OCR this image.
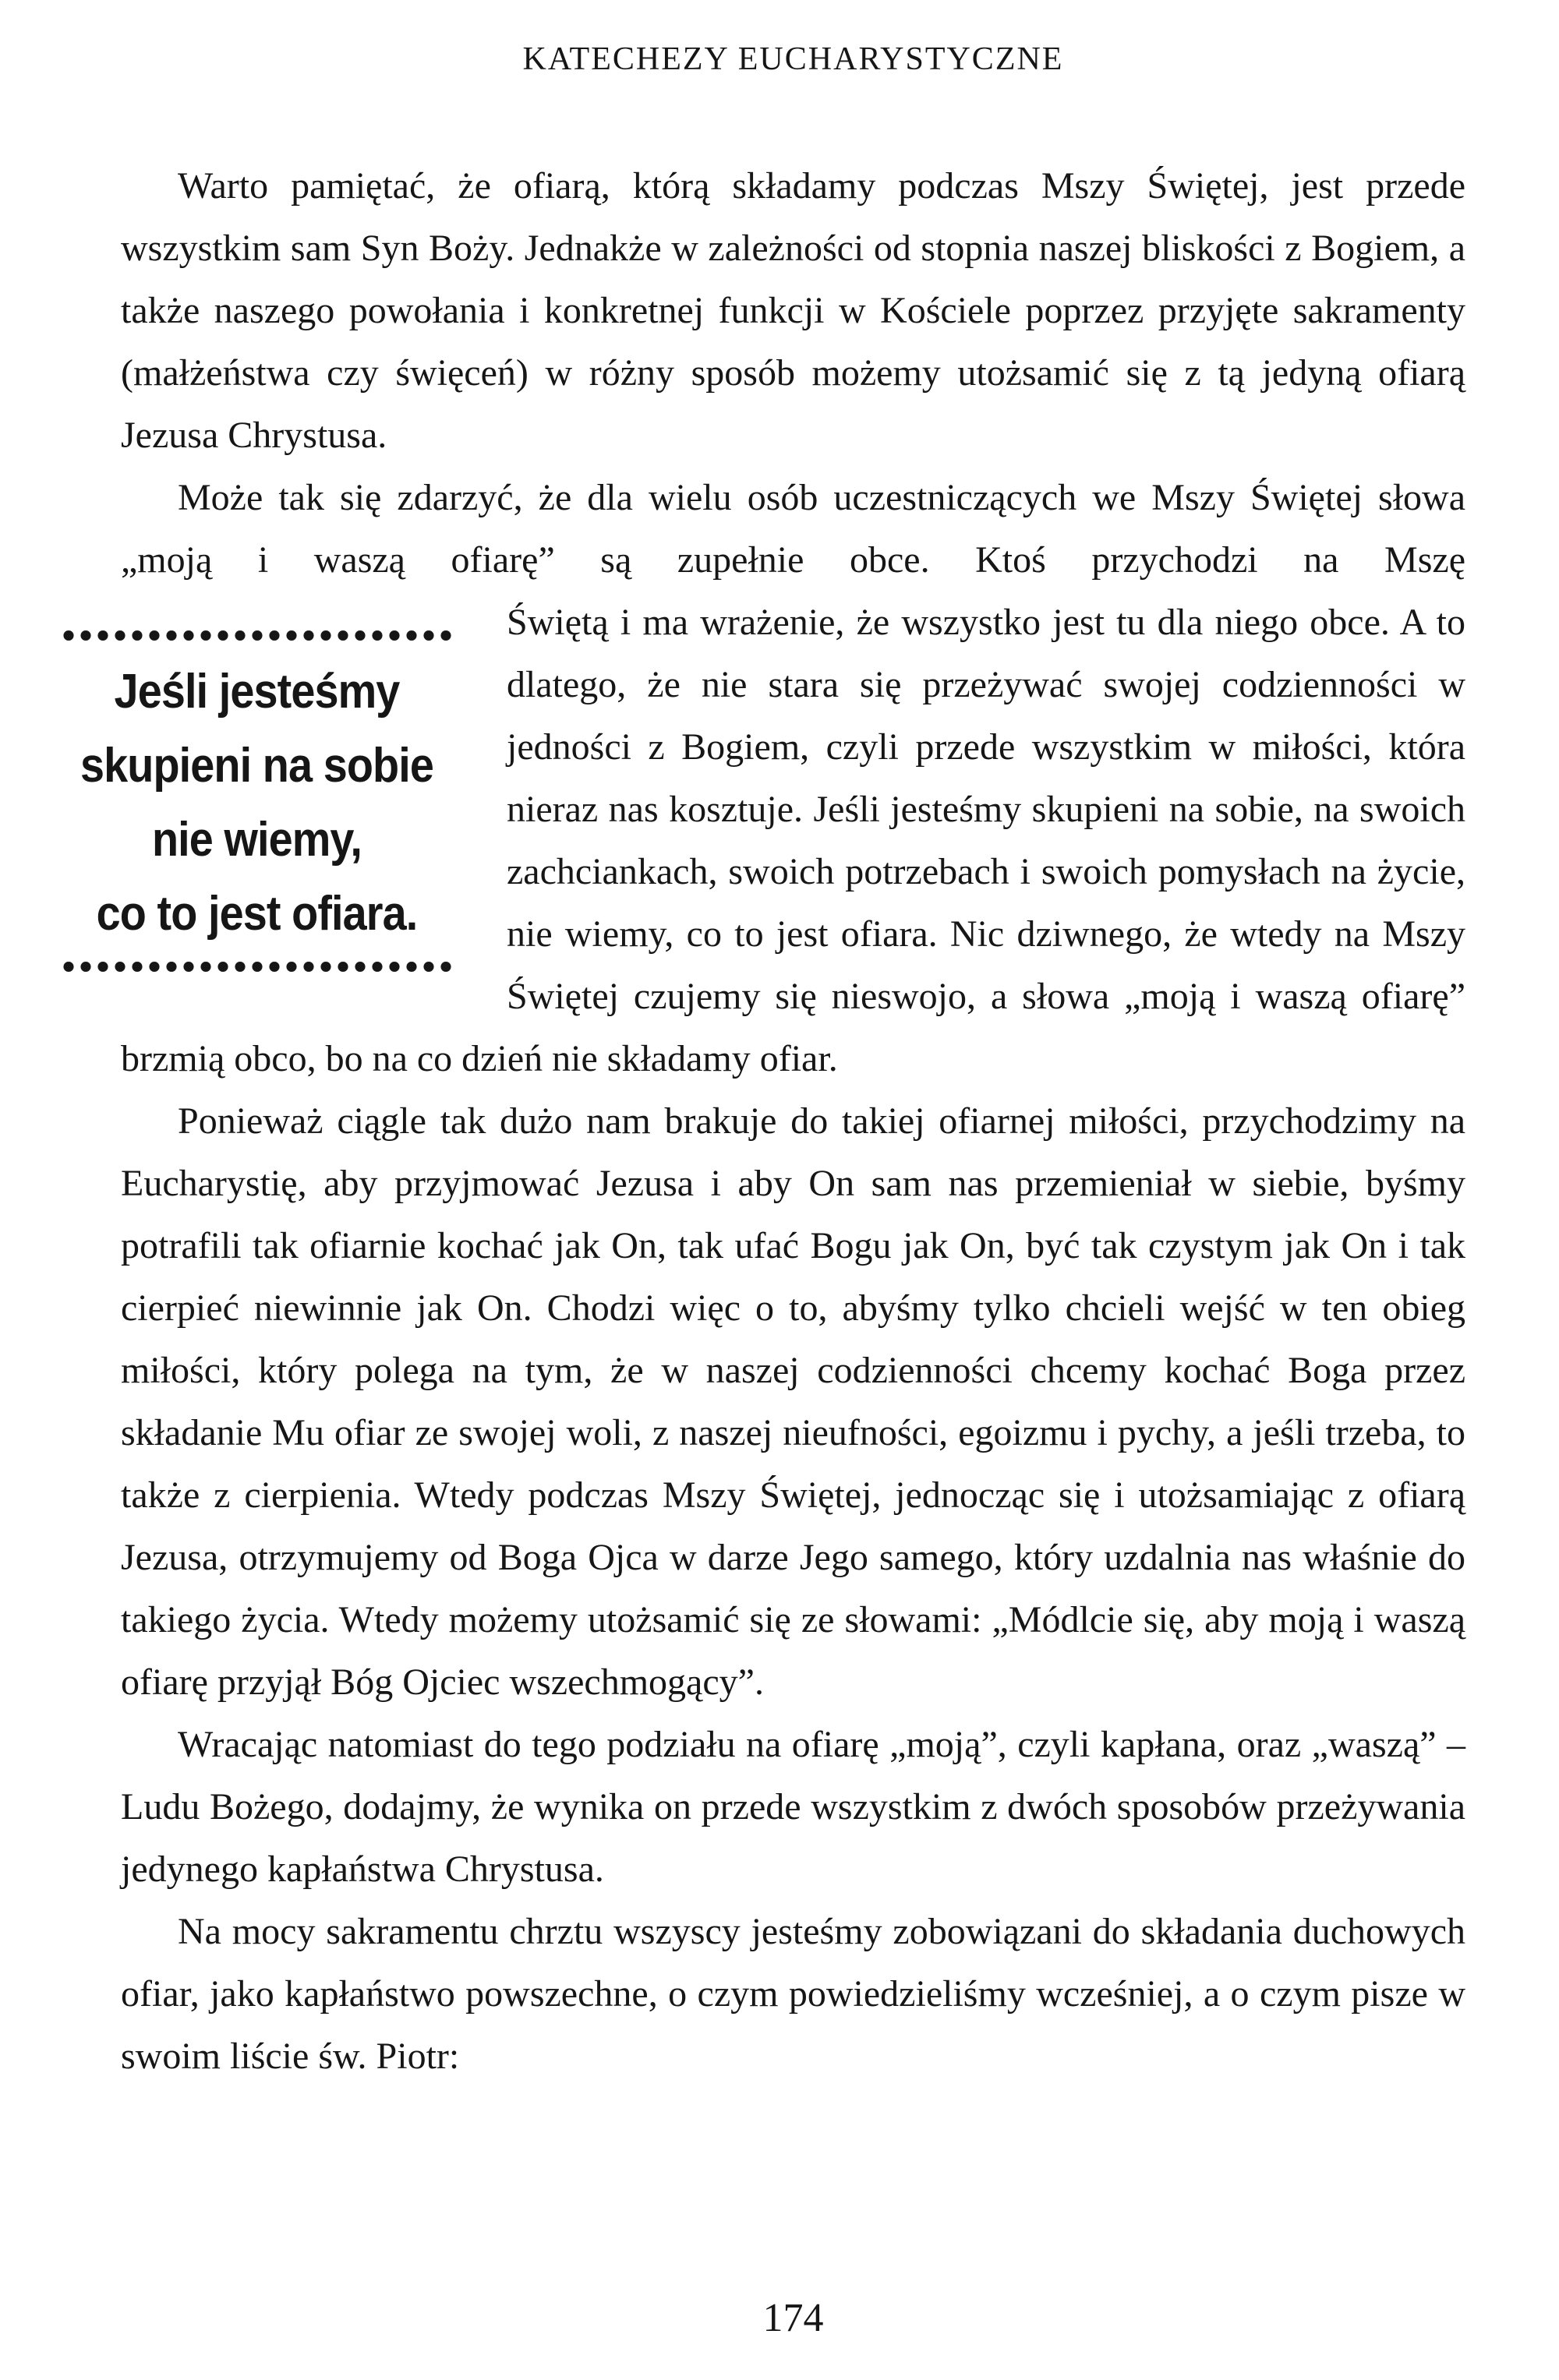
KATECHEZY EUCHARYSTYCZNE

Warto pamiętać, że ofiarą, którą składamy podczas Mszy Świętej, jest przede wszystkim sam Syn Boży. Jednakże w zależności od stopnia naszej bliskości z Bogiem, a także naszego powołania i konkretnej funkcji w Kościele poprzez przyjęte sakramenty (małżeństwa czy święceń) w różny sposób możemy utożsamić się z tą jedyną ofiarą Jezusa Chrystusa.

Może tak się zdarzyć, że dla wielu osób uczestniczących we Mszy Świętej słowa „moją i waszą ofiarę” są zupełnie obce. Ktoś przychodzi na Mszę

Jeśli jesteśmy
skupieni na sobie
nie wiemy,
co to jest ofiara.

Świętą i ma wrażenie, że wszystko jest tu dla niego obce. A to dlatego, że nie stara się przeżywać swojej codzienności w jedności z Bogiem, czyli przede wszystkim w miłości, która nieraz nas kosztuje. Jeśli jesteśmy skupieni na sobie, na swoich zachciankach, swoich potrzebach i swoich pomysłach na życie, nie wiemy, co to jest ofiara. Nic dziwnego, że wtedy na Mszy Świętej czujemy się nieswojo, a słowa „moją i waszą ofiarę” brzmią obco, bo na co dzień nie składamy ofiar.

Ponieważ ciągle tak dużo nam brakuje do takiej ofiarnej miłości, przychodzimy na Eucharystię, aby przyjmować Jezusa i aby On sam nas przemieniał w siebie, byśmy potrafili tak ofiarnie kochać jak On, tak ufać Bogu jak On, być tak czystym jak On i tak cierpieć niewinnie jak On. Chodzi więc o to, abyśmy tylko chcieli wejść w ten obieg miłości, który polega na tym, że w naszej codzienności chcemy kochać Boga przez składanie Mu ofiar ze swojej woli, z naszej nieufności, egoizmu i pychy, a jeśli trzeba, to także z cierpienia. Wtedy podczas Mszy Świętej, jednocząc się i utożsamiając z ofiarą Jezusa, otrzymujemy od Boga Ojca w darze Jego samego, który uzdalnia nas właśnie do takiego życia. Wtedy możemy utożsamić się ze słowami: „Módlcie się, aby moją i waszą ofiarę przyjął Bóg Ojciec wszechmogący”.

Wracając natomiast do tego podziału na ofiarę „moją”, czyli kapłana, oraz „waszą” – Ludu Bożego, dodajmy, że wynika on przede wszystkim z dwóch sposobów przeżywania jedynego kapłaństwa Chrystusa.

Na mocy sakramentu chrztu wszyscy jesteśmy zobowiązani do składania duchowych ofiar, jako kapłaństwo powszechne, o czym powiedzieliśmy wcześniej, a o czym pisze w swoim liście św. Piotr:

174
